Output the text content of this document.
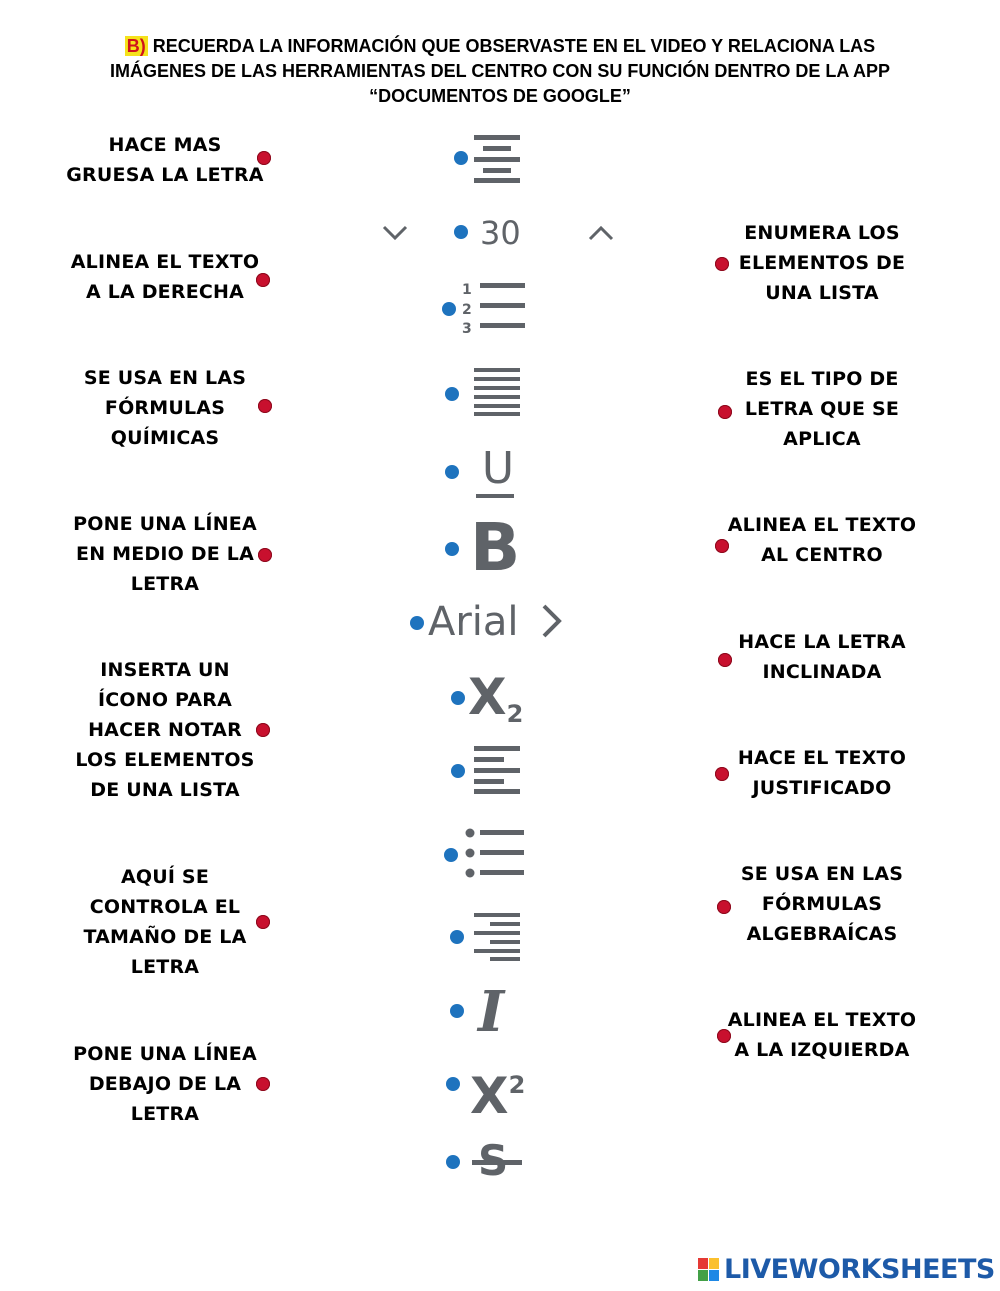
B) RECUERDA LA INFORMACIÓN QUE OBSERVASTE EN EL VIDEO Y RELACIONA LAS
IMÁGENES DE LAS HERRAMIENTAS DEL CENTRO CON SU FUNCIÓN DENTRO DE LA APP
“DOCUMENTOS DE GOOGLE”
HACE MAS
GRUESA LA LETRA
ALINEA EL TEXTO
A LA DERECHA
SE USA EN LAS
FÓRMULAS
QUÍMICAS
PONE UNA LÍNEA
EN MEDIO DE LA
LETRA
INSERTA UN
ÍCONO PARA
HACER NOTAR
LOS ELEMENTOS
DE UNA LISTA
AQUÍ SE
CONTROLA EL
TAMAÑO DE LA
LETRA
PONE UNA LÍNEA
DEBAJO DE LA
LETRA
ENUMERA LOS
ELEMENTOS DE
UNA LISTA
ES EL TIPO DE
LETRA QUE SE
APLICA
ALINEA EL TEXTO
AL CENTRO
HACE LA LETRA
INCLINADA
HACE EL TEXTO
JUSTIFICADO
SE USA EN LAS
FÓRMULAS
ALGEBRAÍCAS
ALINEA EL TEXTO
A LA IZQUIERDA
30
1
2
3
U
B
Arial
X2
I
$X^2$
LIVEWORKSHEETS
